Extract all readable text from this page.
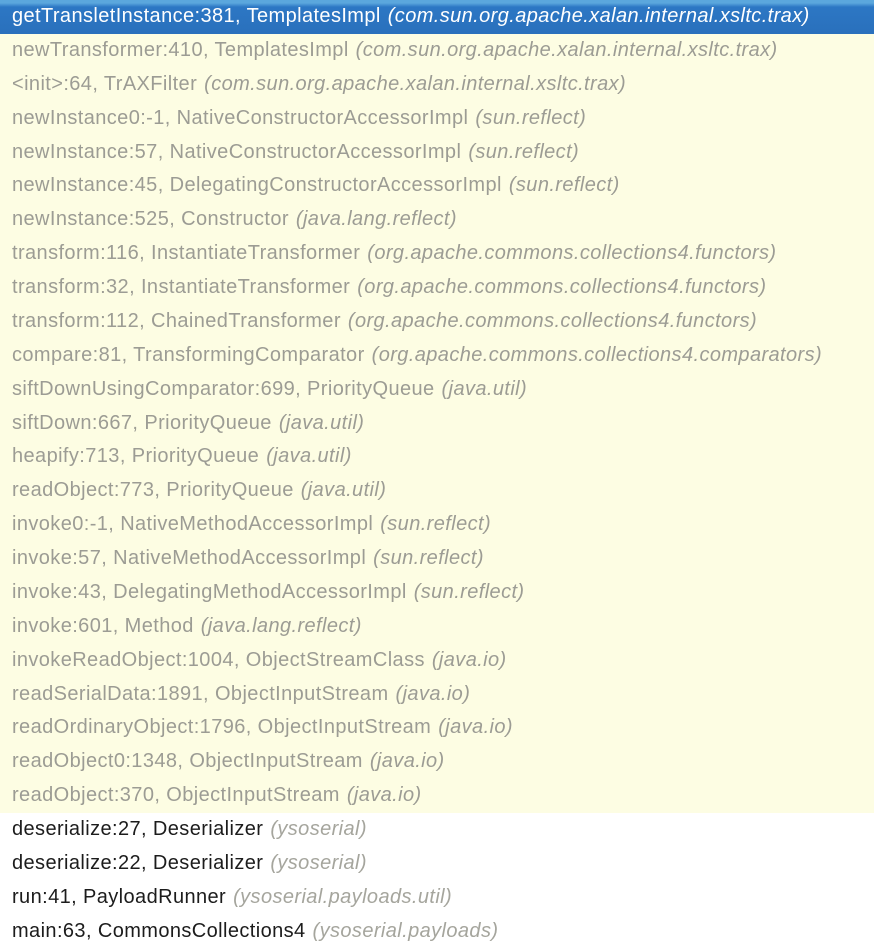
getTransletInstance:381, TemplatesImpl (com.sun.org.apache.xalan.internal.xsltc.trax)
newTransformer:410, TemplatesImpl (com.sun.org.apache.xalan.internal.xsltc.trax)
<init>:64, TrAXFilter (com.sun.org.apache.xalan.internal.xsltc.trax)
newInstance0:-1, NativeConstructorAccessorImpl (sun.reflect)
newInstance:57, NativeConstructorAccessorImpl (sun.reflect)
newInstance:45, DelegatingConstructorAccessorImpl (sun.reflect)
newInstance:525, Constructor (java.lang.reflect)
transform:116, InstantiateTransformer (org.apache.commons.collections4.functors)
transform:32, InstantiateTransformer (org.apache.commons.collections4.functors)
transform:112, ChainedTransformer (org.apache.commons.collections4.functors)
compare:81, TransformingComparator (org.apache.commons.collections4.comparators)
siftDownUsingComparator:699, PriorityQueue (java.util)
siftDown:667, PriorityQueue (java.util)
heapify:713, PriorityQueue (java.util)
readObject:773, PriorityQueue (java.util)
invoke0:-1, NativeMethodAccessorImpl (sun.reflect)
invoke:57, NativeMethodAccessorImpl (sun.reflect)
invoke:43, DelegatingMethodAccessorImpl (sun.reflect)
invoke:601, Method (java.lang.reflect)
invokeReadObject:1004, ObjectStreamClass (java.io)
readSerialData:1891, ObjectInputStream (java.io)
readOrdinaryObject:1796, ObjectInputStream (java.io)
readObject0:1348, ObjectInputStream (java.io)
readObject:370, ObjectInputStream (java.io)
deserialize:27, Deserializer (ysoserial)
deserialize:22, Deserializer (ysoserial)
run:41, PayloadRunner (ysoserial.payloads.util)
main:63, CommonsCollections4 (ysoserial.payloads)
